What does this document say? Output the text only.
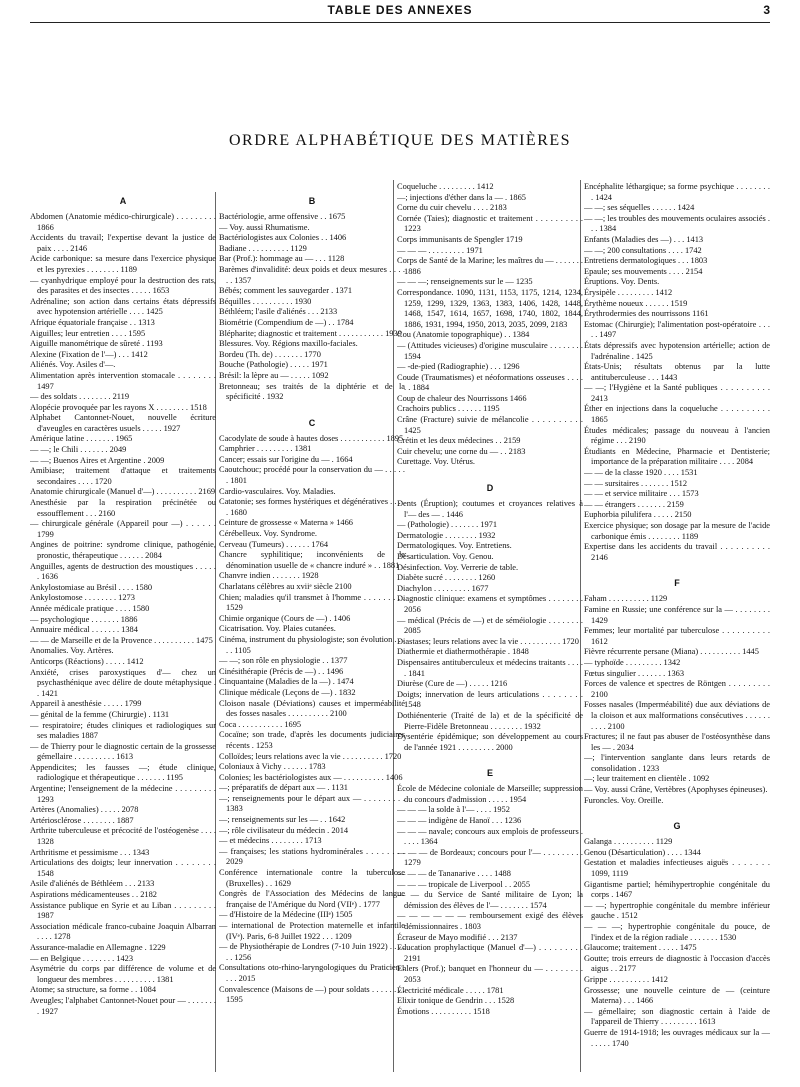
TABLE DES ANNEXES	3
ORDRE ALPHABÉTIQUE DES MATIÈRES
A

Abdomen (Anatomie médico-chirurgicale) . . . . . . . . . 1866

Accidents du travail; l'expertise devant la justice de paix . . . . 2146

Acide carbonique: sa mesure dans l'exercice physique et les pyrexies . . . . . . . . 1189

— cyanhydrique employé pour la destruction des rats, des parasites et des insectes . . . . . 1653

Adrénaline; son action dans certains états dépressifs avec hypotension artérielle . . . . 1425

Afrique équatoriale française . . 1313

Aiguilles; leur entretien . . . . 1595

Aiguille manométrique de sûreté . 1193

Alexine (Fixation de l'—) . . . 1412

Aliénés. Voy. Asiles d'—.

Alimentation après intervention stomacale . . . . . . . . 1497

— des soldats . . . . . . . . 2119

Alopécie provoquée par les rayons X . . . . . . . . 1518

Alphabet Cantonnet-Nouet, nouvelle écriture d'aveugles en caractères usuels . . . . . 1927

Amérique latine . . . . . . . 1965

— —; le Chili . . . . . . . 2049

— —; Buenos Aires et Argentine . 2009

Amibiase; traitement d'attaque et traitements secondaires . . . . 1720

Anatomie chirurgicale (Manuel d'—) . . . . . . . . . . 2169

Anesthésie par la respiration précinétée ou essoufflement . . . 2160

— chirurgicale générale (Appareil pour —) . . . . . . 1799

Angines de poitrine: syndrome clinique, pathogénie, pronostic, thérapeutique . . . . . . 2084

Anguilles, agents de destruction des moustiques . . . . . . 1636

Ankylostomiase au Brésil . . . . 1580

Ankylostomose . . . . . . . . 1273

Année médicale pratique . . . . 1580

— psychologique . . . . . . . 1886

Annuaire médical . . . . . . . 1384

— — de Marseille et de la Provence . . . . . . . . . . 1475

Anomalies. Voy. Artères.

Anticorps (Réactions) . . . . . 1412

Anxiété, crises paroxystiques d'— chez un psychasthénique avec délire de doute métaphysique . . 1421

Appareil à anesthésie . . . . . 1799

— génital de la femme (Chirurgie) . 1131

— respiratoire; études cliniques et radiologiques sur ses maladies 1887

— de Thierry pour le diagnostic certain de la grossesse gémellaire . . . . . . . . . . 1613

Appendicites; les fausses —; étude clinique, radiologique et thérapeutique . . . . . . . 1195

Argentine; l'enseignement de la médecine . . . . . . . . . 1293

Artères (Anomalies) . . . . . 2078

Artériosclérose . . . . . . . . 1887

Arthrite tuberculeuse et précocité de l'ostéogenèse . . . . 1328

Arthritisme et pessimisme . . . 1343

Articulations des doigts; leur innervation . . . . . . . . 1548

Asile d'aliénés de Béthléem . . . 2133

Aspirations médicamenteuses . . 2182

Assistance publique en Syrie et au Liban . . . . . . . . . 1987

Association médicale franco-cubaine Joaquin Albarran . . . . 1278

Assurance-maladie en Allemagne . 1229

— en Belgique . . . . . . . . 1423

Asymétrie du corps par différence de volume et de longueur des membres . . . . . . . . . . 1381

Atome; sa structure, sa forme . . 1084

Aveugles; l'alphabet Cantonnet-Nouet pour — . . . . . . . . 1927

B

Bactériologie, arme offensive . . 1675

— Voy. aussi Rhumatisme.

Bactériologistes aux Colonies . . 1406

Badiane . . . . . . . . . . 1129

Bar (Prof.): hommage au — . . . 1128

Barèmes d'invalidité: deux poids et deux mesures . . . . . . 1357

Bébés; comment les sauvegarder . 1371

Béquilles . . . . . . . . . . 1930

Béthléem; l'asile d'aliénés . . . 2133

Biométrie (Compendium de —) . . 1784

Blépharite; diagnostic et traitement . . . . . . . . . . . 1939

Blessures. Voy. Régions maxillo-faciales.

Bordeu (Th. de) . . . . . . . 1770

Bouche (Pathologie) . . . . . 1971

Brésil: la lèpre au — . . . . . 1092

Bretonneau; ses traités de la diphtérie et de la spécificité . 1932

C

Cacodylate de soude à hautes doses . . . . . . . . . . . 1895

Camphrier . . . . . . . . . 1381

Cancer; essais sur l'origine du — . 1664

Caoutchouc; procédé pour la conservation du — . . . . . . 1801

Cardio-vasculaires. Voy. Maladies.

Catatonie; ses formes hystériques et dégénératives . . . . . 1680

Ceinture de grossesse « Materna » 1466

Cérébelleux. Voy. Syndrome.

Cerveau (Tumeurs) . . . . . . 1764

Chancre syphilitique; inconvénients de la dénomination usuelle de « chancre induré » . . 1881

Chanvre indien . . . . . . . 1928

Charlatans célèbres au xviiᵉ siècle 2100

Chien; maladies qu'il transmet à l'homme . . . . . . . . . 1529

Chimie organique (Cours de —) . 1406

Cicatrisation. Voy. Plaies cutanées.

Cinéma, instrument du physiologiste; son évolution . . . . . 1105

— —; son rôle en physiologie . . 1377

Cinésithérapie (Précis de —) . . 1496

Cinquantaine (Maladies de la —) . 1474

Clinique médicale (Leçons de —) . 1832

Cloison nasale (Déviations) causes et imperméabilité des fosses nasales . . . . . . . . . . 2100

Coca . . . . . . . . . . . 1695

Cocaïne; son trade, d'après les documents judiciaires récents . 1253

Colloïdes; leurs relations avec la vie . . . . . . . . . . 1720

Coloniaux à Vichy . . . . . . 1783

Colonies; les bactériologistes aux — . . . . . . . . . . 1406

—; préparatifs de départ aux — . 1131

—; renseignements pour le départ aux — . . . . . . . . . 1383

—; renseignements sur les — . . 1642

—; rôle civilisateur du médecin . 2014

— et médecins . . . . . . . . 1713

— françaises; les stations hydrominérales . . . . . . . . 2029

Conférence internationale contre la tuberculose (Bruxelles) . . 1629

Congrès de l'Association des Médecins de langue française de l'Amérique du Nord (VIIᵉ) . 1777

— d'Histoire de la Médecine (IIIᵉ) 1505

— international de Protection maternelle et infantile (IVᵉ). Paris, 6-8 Juillet 1922 . . . 1209

— de Physiothérapie de Londres (7-10 Juin 1922) . . . . . . 1256

Consultations oto-rhino-laryngologiques du Praticien . . . . 2015

Convalescence (Maisons de —) pour soldats . . . . . . . . 1595

Coqueluche . . . . . . . . . 1412

—; injections d'éther dans la — . 1865

Corne du cuir chevelu . . . . 2183

Cornée (Taies); diagnostic et traitement . . . . . . . . . . 1223

Corps immunisants de Spengler 1719

— — — . . . . . . . . . 1971

Corps de Santé de la Marine; les maîtres du — . . . . . . . 1886

— — —; renseignements sur le — 1235

Correspondance. 1090, 1131, 1153, 1175, 1214, 1234, 1259, 1299, 1329, 1363, 1383, 1406, 1428, 1448, 1468, 1547, 1614, 1657, 1698, 1740, 1802, 1844, 1886, 1931, 1994, 1950, 2013, 2035, 2099, 2183

Cou (Anatomie topographique) . . 1384

— (Attitudes vicieuses) d'origine musculaire . . . . . . . . 1594

— -de-pied (Radiographie) . . . 1296

Coude (Traumatismes) et néoformations osseuses . . . . . . 1884

Coup de chaleur des Nourrissons 1466

Crachoirs publics . . . . . . 1195

Crâne (Fracture) suivie de mélancolie . . . . . . . . . . 1425

Crétin et les deux médecines . . 2159

Cuir chevelu; une corne du — . . 2183

Curettage. Voy. Utérus.

D

Dents (Éruption); coutumes et croyances relatives à l'— des — . 1446

— (Pathologie) . . . . . . . 1971

Dermatologie . . . . . . . . 1932

Dermatologiques. Voy. Entretiens.

Désarticulation. Voy. Genou.

Désinfection. Voy. Verrerie de table.

Diabète sucré . . . . . . . . 1260

Diachylon . . . . . . . . . 1677

Diagnostic clinique: examens et symptômes . . . . . . . . 2056

— médical (Précis de —) et de séméiologie . . . . . . . . 2085

Diastases; leurs relations avec la vie . . . . . . . . . . 1720

Diathermie et diathermothérapie . 1848

Dispensaires antituberculeux et médecins traitants . . . . . 1841

Diurèse (Cure de —) . . . . . 1216

Doigts; innervation de leurs articulations . . . . . . . . 1548

Dothiénenterie (Traité de la) et de la spécificité de Pierre-Fidèle Bretonneau . . . . . . . . 1932

Dysentérie épidémique; son développement au cours de l'année 1921 . . . . . . . . . 2000

E

École de Médecine coloniale de Marseille; suppression du concours d'admission . . . . . 1954

— — — la solde à l'— . . . . 1952

— — — indigène de Hanoï . . . 1236

— — — navale; concours aux emplois de professeurs . . . . . 1364

— — — de Bordeaux; concours pour l'— . . . . . . . . . 1279

— — — de Tananarive . . . . 1488

— — — tropicale de Liverpool . . 2055

— — du Service de Santé militaire de Lyon; la démission des élèves de l'— . . . . . . . 1574

— — — — — — remboursement exigé des élèves démissionnaires . 1803

Écraseur de Mayo modifié . . . 2137

Education prophylactique (Manuel d'—) . . . . . . . . . 2191

Ehlers (Prof.); banquet en l'honneur du — . . . . . . . . 2053

Électricité médicale . . . . . 1781

Elixir tonique de Gendrin . . . 1528

Émotions . . . . . . . . . . 1518

Encéphalite léthargique; sa forme psychique . . . . . . . . . 1424

— —; ses séquelles . . . . . . 1424

— —; les troubles des mouvements oculaires associés . . . 1384

Enfants (Maladies des —) . . . 1413

— —; 200 consultations . . . . 1742

Entretiens dermatologiques . . . 1803

Epaule; ses mouvements . . . . 2154

Éruptions. Voy. Dents.

Érysipèle . . . . . . . . . 1412

Érythème noueux . . . . . . 1519

Érythrodermies des nourrissons 1161

Estomac (Chirurgie); l'alimentation post-opératoire . . . . . 1497

États dépressifs avec hypotension artérielle; action de l'adrénaline . 1425

États-Unis; résultats obtenus par la lutte antituberculeuse . . . 1443

— —; l'Hygiène et la Santé publiques . . . . . . . . . . 2413

Éther en injections dans la coqueluche . . . . . . . . . . 1865

Études médicales; passage du nouveau à l'ancien régime . . . 2190

Étudiants en Médecine, Pharmacie et Dentisterie; importance de la préparation militaire . . . . 2084

— — de la classe 1920 . . . . 1531

— — sursitaires . . . . . . . 1512

— — et service militaire . . . 1573

— — étrangers . . . . . . . 2159

Euphorbia pilulifera . . . . . 2150

Exercice physique; son dosage par la mesure de l'acide carbonique émis . . . . . . . . 1189

Expertise dans les accidents du travail . . . . . . . . . . 2146

F

Faham . . . . . . . . . . 1129

Famine en Russie; une conférence sur la — . . . . . . . . 1429

Femmes; leur mortalité par tuberculose . . . . . . . . . . 1612

Fièvre récurrente persane (Miana) . . . . . . . . . . 1445

— typhoïde . . . . . . . . . 1342

Fœtus singulier . . . . . . . 1363

Forces de valence et spectres de Röntgen . . . . . . . . . 2100

Fosses nasales (Imperméabilité) due aux déviations de la cloison et aux malformations consécutives . . . . . . . . . . 2100

Fractures; il ne faut pas abuser de l'ostéosynthèse dans les — . 2034

—; l'intervention sanglante dans leurs retards de consolidation . 1233

—; leur traitement en clientèle . 1092

— Voy. aussi Crâne, Vertèbres (Apophyses épineuses).

Furoncles. Voy. Oreille.

G

Galanga . . . . . . . . . . 1129

Genou (Désarticulation) . . . . 1344

Gestation et maladies infectieuses aiguës . . . . . . . 1099, 1119

Gigantisme partiel; hémihypertrophie congénitale du corps . 1467

— —; hypertrophie congénitale du membre inférieur gauche . 1512

— — —; hypertrophie congénitale du pouce, de l'index et de la région radiale . . . . . . . 1530

Glaucome; traitement . . . . . 1475

Goutte; trois erreurs de diagnostic à l'occasion d'accès aigus . . 2177

Grippe . . . . . . . . . . 1412

Grossesse; une nouvelle ceinture de — (ceinture Materna) . . . 1466

— gémellaire; son diagnostic certain à l'aide de l'appareil de Thierry . . . . . . . . . 1613

Guerre de 1914-1918; les ouvrages médicaux sur la — . . . . . 1740
